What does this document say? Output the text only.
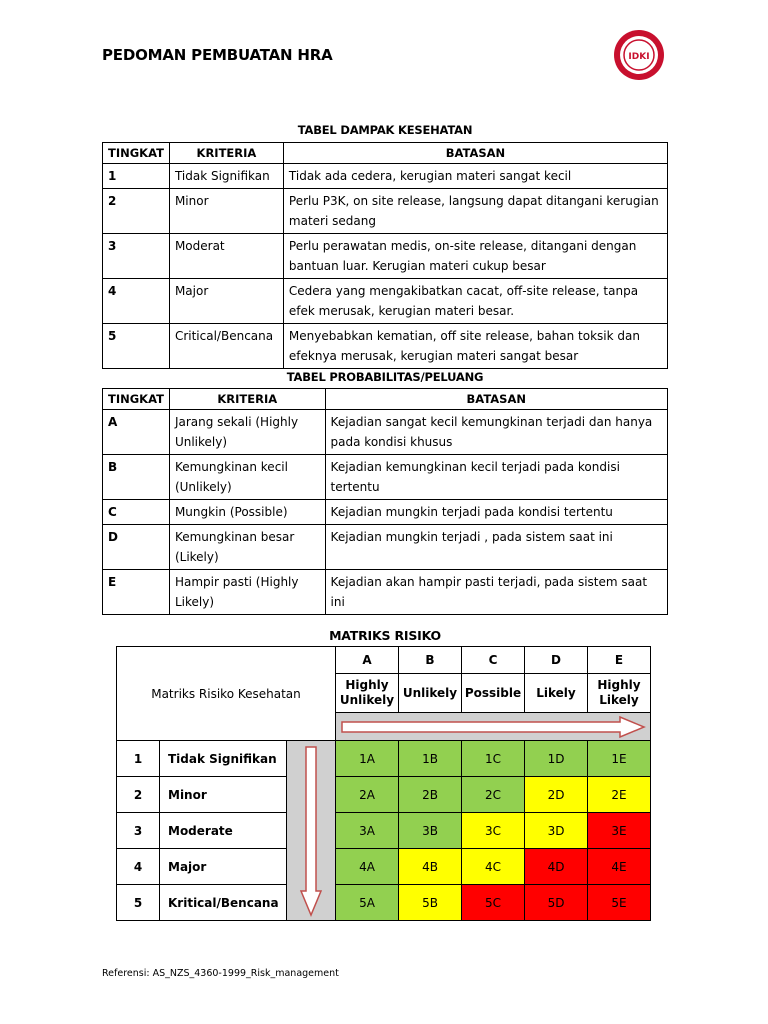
PEDOMAN PEMBUATAN HRA	IDKI
TABEL DAMPAK KESEHATAN
TINGKAT	KRITERIA	BATASAN
1	Tidak Signifikan	Tidak ada cedera, kerugian materi sangat kecil
2	Minor	Perlu P3K, on site release, langsung dapat ditangani kerugian materi sedang
3	Moderat	Perlu perawatan medis, on-site release, ditangani dengan bantuan luar. Kerugian materi cukup besar
4	Major	Cedera yang mengakibatkan cacat, off-site release, tanpa efek merusak, kerugian materi besar.
5	Critical/Bencana	Menyebabkan kematian, off site release, bahan toksik dan efeknya merusak, kerugian materi sangat besar
TABEL PROBABILITAS/PELUANG
TINGKAT	KRITERIA	BATASAN
A	Jarang sekali (Highly Unlikely)	Kejadian sangat kecil kemungkinan terjadi dan hanya pada kondisi khusus
B	Kemungkinan kecil (Unlikely)	Kejadian kemungkinan kecil terjadi pada kondisi tertentu
C	Mungkin (Possible)	Kejadian mungkin terjadi pada kondisi tertentu
D	Kemungkinan besar (Likely)	Kejadian mungkin terjadi , pada sistem saat ini
E	Hampir pasti (Highly Likely)	Kejadian akan hampir pasti terjadi, pada sistem saat ini
MATRIKS RISIKO
Matriks Risiko Kesehatan			A	B	C	D	E
			Highly Unlikely	Unlikely	Possible	Likely	Highly Likely

1	Tidak Signifikan		1A	1B	1C	1D	1E
2	Minor		2A	2B	2C	2D	2E
3	Moderate		3A	3B	3C	3D	3E
4	Major		4A	4B	4C	4D	4E
5	Kritical/Bencana		5A	5B	5C	5D	5E
Referensi: AS_NZS_4360-1999_Risk_management
